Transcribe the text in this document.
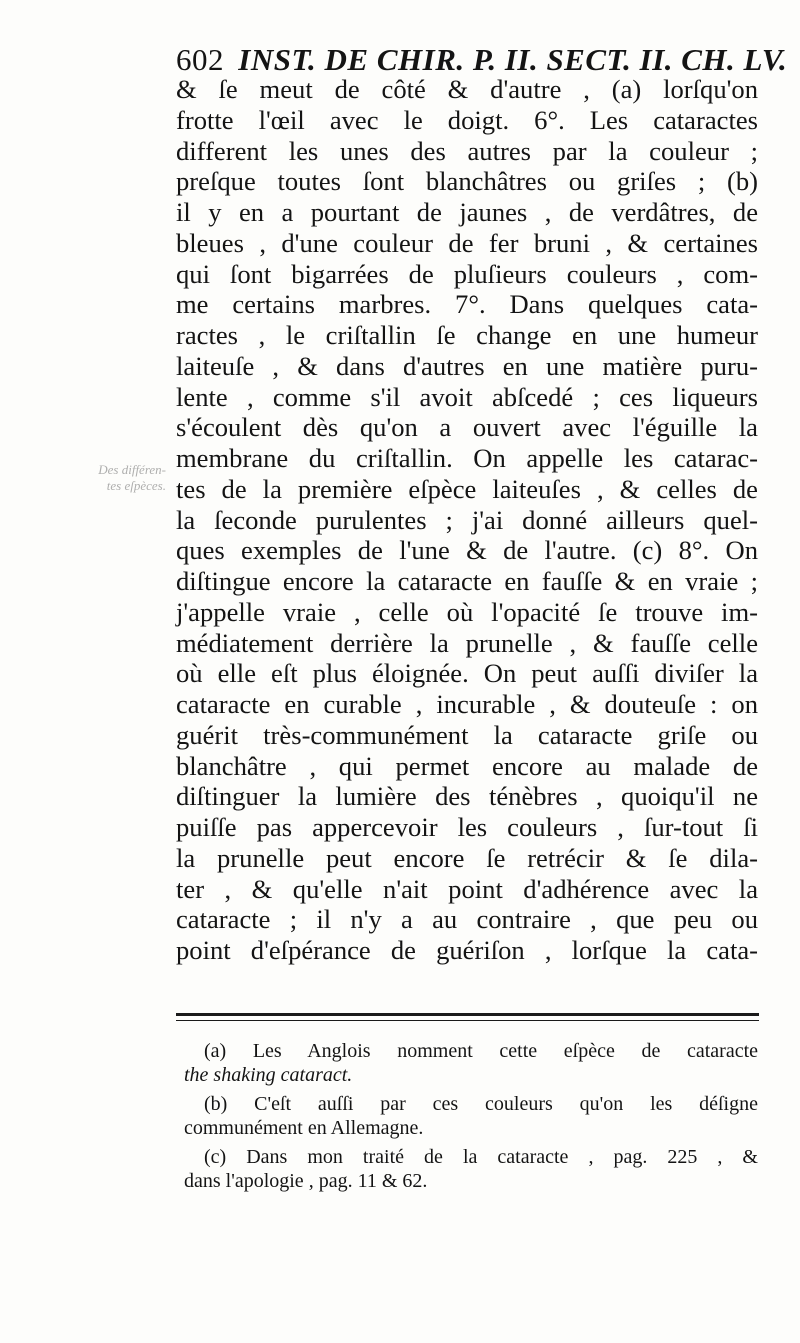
602 INST. DE CHIR. P. II. SECT. II. CH. LV.
Des différen-
tes eſpèces.
& ſe meut de côté & d'autre , (a) lorſqu'on
frotte l'œil avec le doigt. 6°. Les cataractes
different les unes des autres par la couleur ;
preſque toutes ſont blanchâtres ou griſes ; (b)
il y en a pourtant de jaunes , de verdâtres, de
bleues , d'une couleur de fer bruni , & certaines
qui ſont bigarrées de pluſieurs couleurs , com-
me certains marbres. 7°. Dans quelques cata-
ractes , le criſtallin ſe change en une humeur
laiteuſe , & dans d'autres en une matière puru-
lente , comme s'il avoit abſcedé ; ces liqueurs
s'écoulent dès qu'on a ouvert avec l'éguille la
membrane du criſtallin. On appelle les catarac-
tes de la première eſpèce laiteuſes , & celles de
la ſeconde purulentes ; j'ai donné ailleurs quel-
ques exemples de l'une & de l'autre. (c) 8°. On
diſtingue encore la cataracte en fauſſe & en vraie ;
j'appelle vraie , celle où l'opacité ſe trouve im-
médiatement derrière la prunelle , & fauſſe celle
où elle eſt plus éloignée. On peut auſſi diviſer la
cataracte en curable , incurable , & douteuſe : on
guérit très-communément la cataracte griſe ou
blanchâtre , qui permet encore au malade de
diſtinguer la lumière des ténèbres , quoiqu'il ne
puiſſe pas appercevoir les couleurs , ſur-tout ſi
la prunelle peut encore ſe retrécir & ſe dila-
ter , & qu'elle n'ait point d'adhérence avec la
cataracte ; il n'y a au contraire , que peu ou
point d'eſpérance de guériſon , lorſque la cata-
(a) Les Anglois nomment cette eſpèce de cataracte
the shaking cataract.
(b) C'eſt auſſi par ces couleurs qu'on les déſigne
communément en Allemagne.
(c) Dans mon traité de la cataracte , pag. 225 , &
dans l'apologie , pag. 11 & 62.
